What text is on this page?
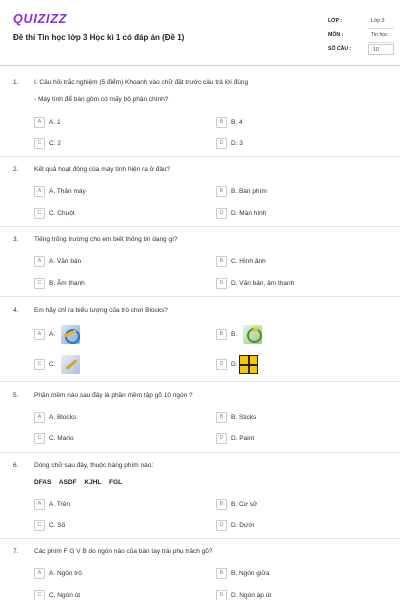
QUIZIZZ
Đề thi Tin học lớp 3 Học kì 1 có đáp án (Đề 1)
LỚP :	Lớp 3
MÔN :	Tin học
SỐ CÂU :	10
1. I. Câu hỏi trắc nghiệm (5 điểm) Khoanh vào chữ đặt trước câu trả lời đúng
- Máy tính để bàn gồm có mấy bộ phận chính?
A	A. 1	B	B. 4
C	C. 2	D	D. 3
2. Kết quả hoạt động của máy tính hiện ra ở đâu?
A	A. Thân máy	B	B. Bàn phím
C	C. Chuột	D	D. Màn hình
3. Tiếng trống trường cho em biết thông tin dạng gì?
A	A. Văn bản	B	C. Hình ảnh
C	B. Âm thanh	D	D. Văn bản, âm thanh
4. Em hãy chỉ ra biểu tượng của trò chơi Blocks?
A	A.	B	B.
C	C.	D	D.
5. Phần mềm nào sau đây là phần mềm tập gõ 10 ngón ?
A	A. Blocks	B	B. Sticks
C	C. Mario	D	D. Paint
6. Dòng chữ sau đây, thuộc hàng phím nào:
DFAS ASDF KJHL FGL
A	A. Trên	B	B. Cơ sở
C	C. Số	D	D. Dưới
7. Các phím F G V B do ngón nào của bàn tay trái phụ trách gõ?
A	A. Ngón trỏ	B	B. Ngón giữa
C	C. Ngón út	D	D. Ngón áp út
